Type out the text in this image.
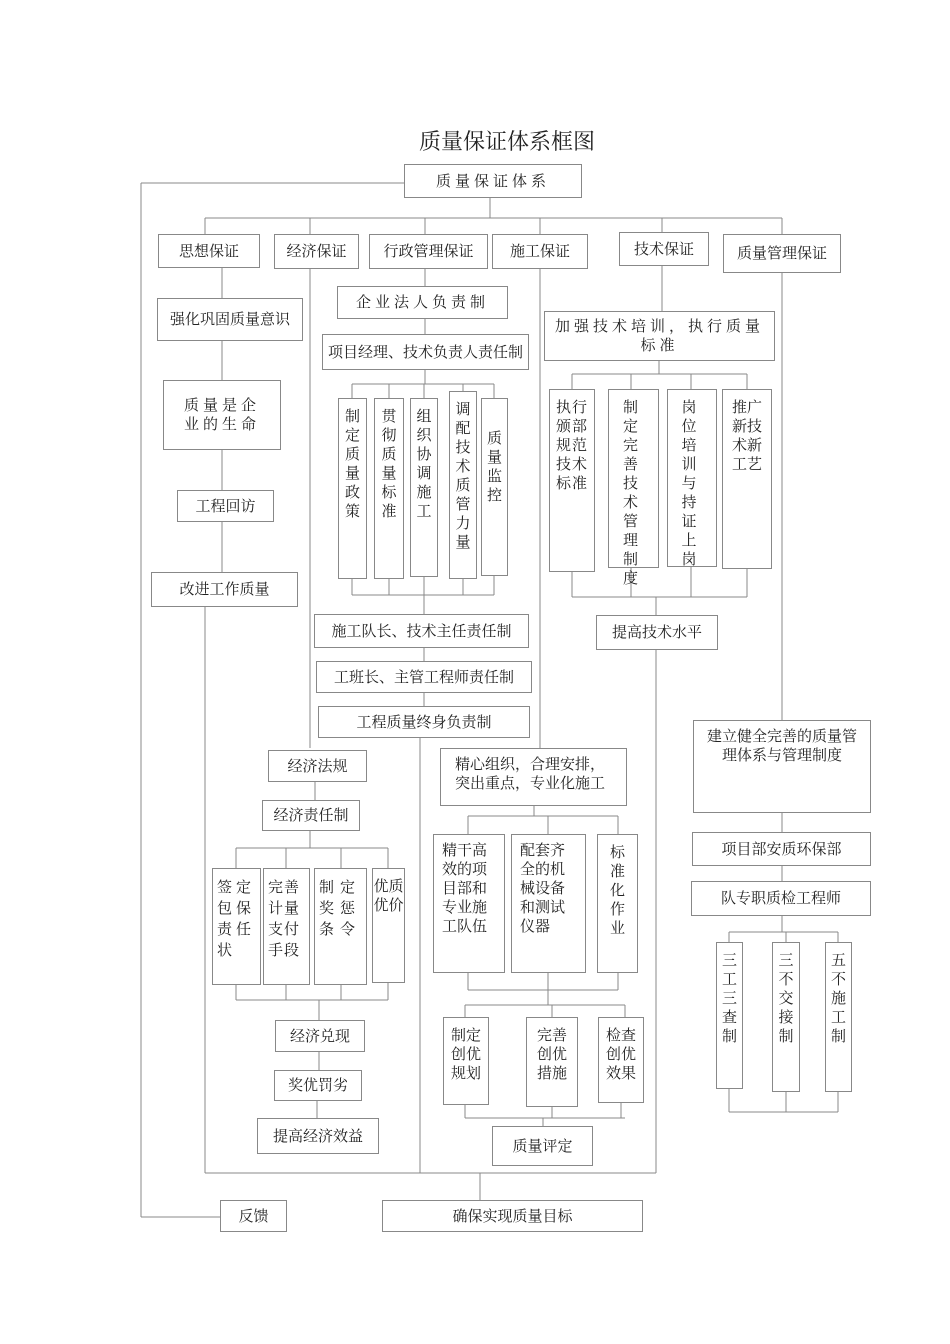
质量保证体系框图
质量保证体系
思想保证	经济保证	行政管理保证	施工保证	技术保证	质量管理保证
强化巩固质量意识
质量是企业的生命
工程回访
改进工作质量
企业法人负责制
项目经理、技术负责人责任制
制定质量政策
贯彻质量标准
组织协调施工
调配技术质管力量
质量监控
施工队长、技术主任责任制
工班长、主管工程师责任制
工程质量终身负责制
加强技术培训，执行质量标准
执行颁部规范技术标准
制定完善技术管理制度
岗位培训与持证上岗
推广新技术新工艺
提高技术水平
建立健全完善的质量管理体系与管理制度
项目部安质环保部
队专职质检工程师
三工三查制
三不交接制
五不施工制
经济法规
经济责任制
签定包保责任状
完善计量支付手段
制定奖惩条令
优质优价
经济兑现
奖优罚劣
提高经济效益
精心组织，合理安排，突出重点，专业化施工
精干高效的项目部和专业施工队伍
配套齐全的机械设备和测试仪器
标准化作业
制定创优规划
完善创优措施
检查创优效果
质量评定
反馈	确保实现质量目标
